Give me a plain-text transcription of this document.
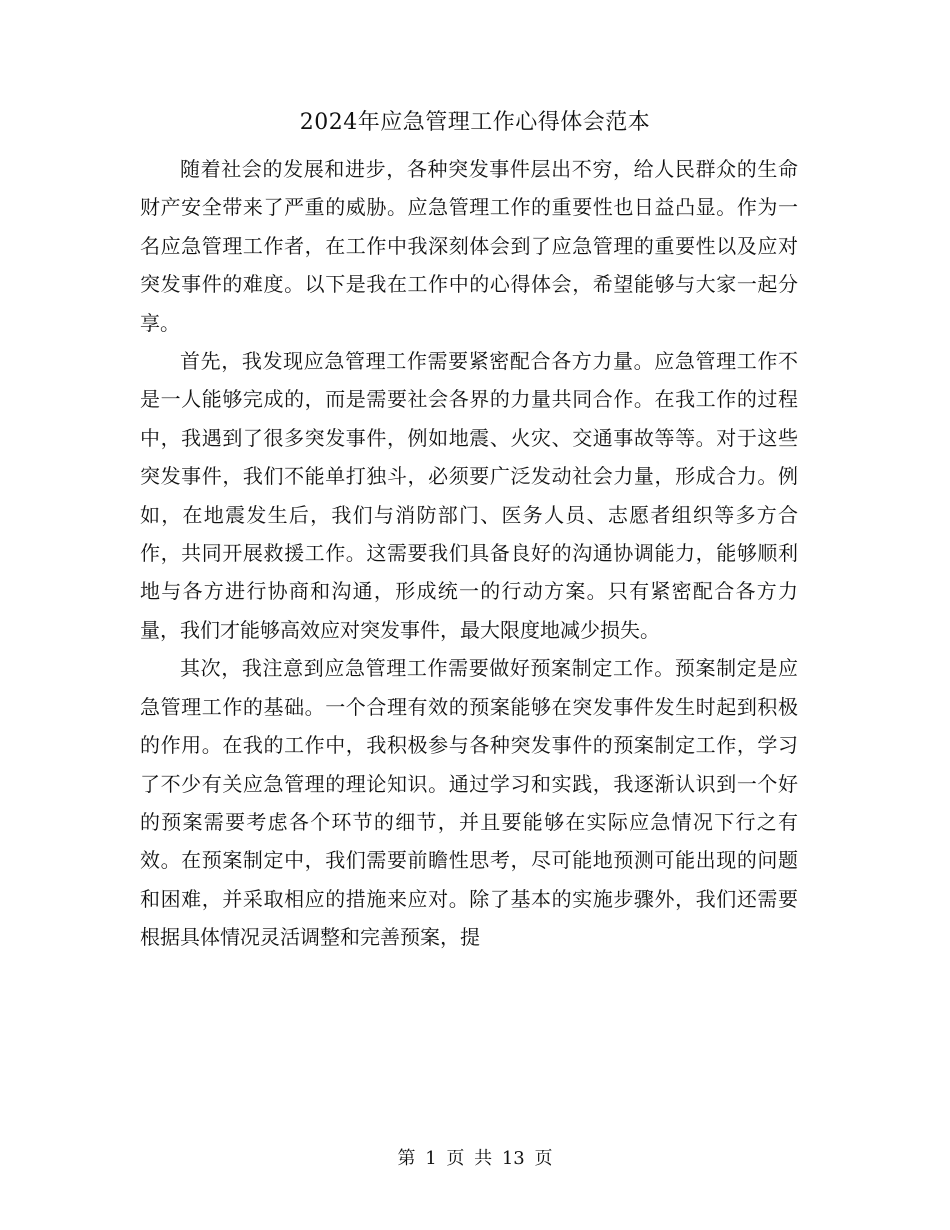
2024年应急管理工作心得体会范本

随着社会的发展和进步，各种突发事件层出不穷，给人民群众的生命财产安全带来了严重的威胁。应急管理工作的重要性也日益凸显。作为一名应急管理工作者，在工作中我深刻体会到了应急管理的重要性以及应对突发事件的难度。以下是我在工作中的心得体会，希望能够与大家一起分享。

首先，我发现应急管理工作需要紧密配合各方力量。应急管理工作不是一人能够完成的，而是需要社会各界的力量共同合作。在我工作的过程中，我遇到了很多突发事件，例如地震、火灾、交通事故等等。对于这些突发事件，我们不能单打独斗，必须要广泛发动社会力量，形成合力。例如，在地震发生后，我们与消防部门、医务人员、志愿者组织等多方合作，共同开展救援工作。这需要我们具备良好的沟通协调能力，能够顺利地与各方进行协商和沟通，形成统一的行动方案。只有紧密配合各方力量，我们才能够高效应对突发事件，最大限度地减少损失。

其次，我注意到应急管理工作需要做好预案制定工作。预案制定是应急管理工作的基础。一个合理有效的预案能够在突发事件发生时起到积极的作用。在我的工作中，我积极参与各种突发事件的预案制定工作，学习了不少有关应急管理的理论知识。通过学习和实践，我逐渐认识到一个好的预案需要考虑各个环节的细节，并且要能够在实际应急情况下行之有效。在预案制定中，我们需要前瞻性思考，尽可能地预测可能出现的问题和困难，并采取相应的措施来应对。除了基本的实施步骤外，我们还需要根据具体情况灵活调整和完善预案，提

第 1 页 共 13 页
